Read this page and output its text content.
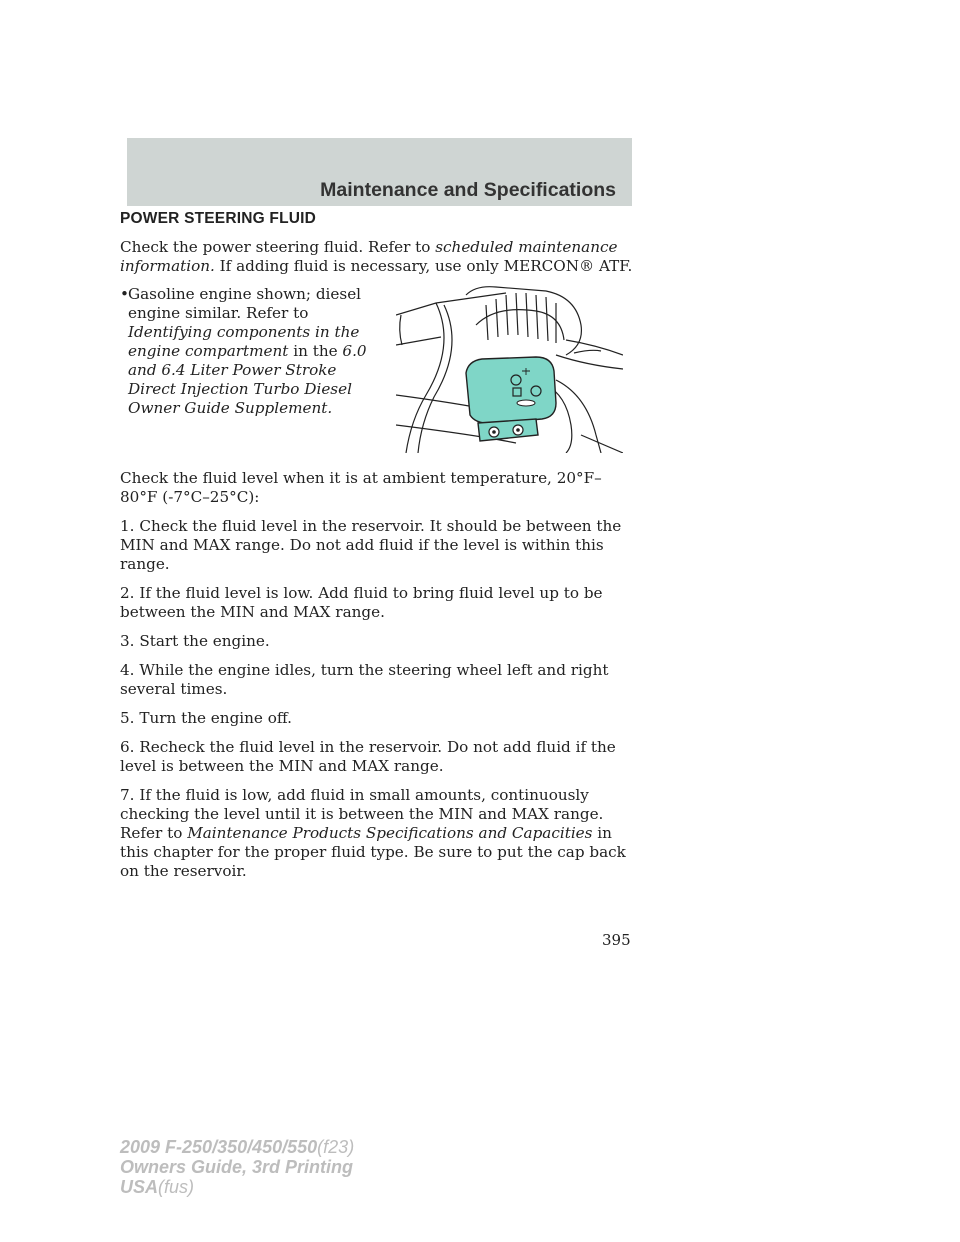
Maintenance and Specifications
POWER STEERING FLUID

Check the power steering fluid. Refer to scheduled maintenance information. If adding fluid is necessary, use only MERCON® ATF.

• Gasoline engine shown; diesel engine similar. Refer to Identifying components in the engine compartment in the 6.0 and 6.4 Liter Power Stroke Direct Injection Turbo Diesel Owner Guide Supplement.

Check the fluid level when it is at ambient temperature, 20°F–80°F (-7°C–25°C):

1. Check the fluid level in the reservoir. It should be between the MIN and MAX range. Do not add fluid if the level is within this range.

2. If the fluid level is low. Add fluid to bring fluid level up to be between the MIN and MAX range.

3. Start the engine.

4. While the engine idles, turn the steering wheel left and right several times.

5. Turn the engine off.

6. Recheck the fluid level in the reservoir. Do not add fluid if the level is between the MIN and MAX range.

7. If the fluid is low, add fluid in small amounts, continuously checking the level until it is between the MIN and MAX range. Refer to Maintenance Products Specifications and Capacities in this chapter for the proper fluid type. Be sure to put the cap back on the reservoir.

395
2009 F-250/350/450/550(f23)
Owners Guide, 3rd Printing
USA(fus)
